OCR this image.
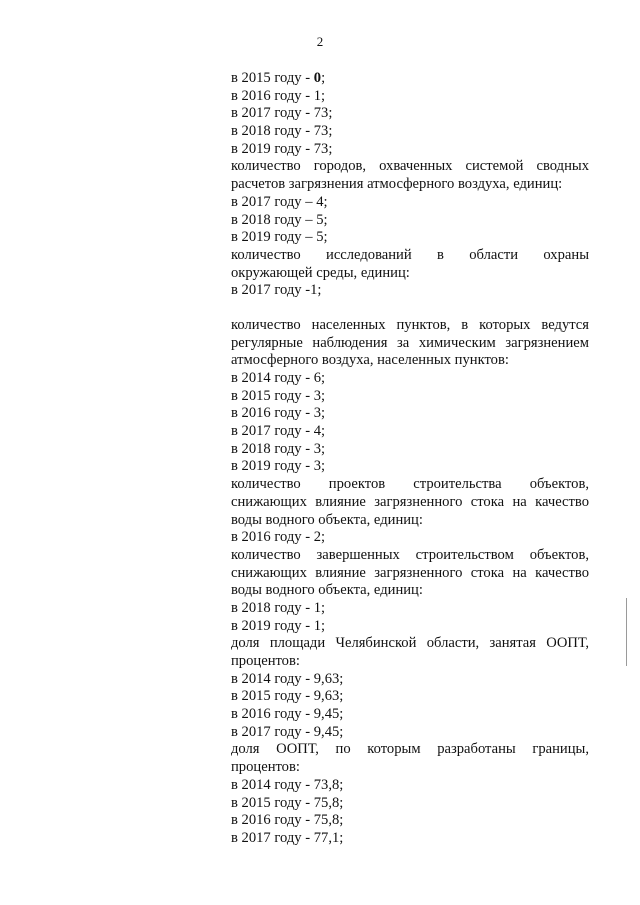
2
в 2015 году - 0;
в 2016 году - 1;
в 2017 году - 73;
в 2018 году - 73;
в 2019 году - 73;
количество городов, охваченных системой сводных
расчетов загрязнения атмосферного воздуха, единиц:
в 2017 году – 4;
в 2018 году – 5;
в 2019 году – 5;
количество исследований в области охраны
окружающей среды, единиц:
в 2017 году -1;
количество населенных пунктов, в которых ведутся
регулярные наблюдения за химическим загрязнением
атмосферного воздуха, населенных пунктов:
в 2014 году - 6;
в 2015 году - 3;
в 2016 году - 3;
в 2017 году - 4;
в 2018 году - 3;
в 2019 году - 3;
количество проектов строительства объектов,
снижающих влияние загрязненного стока на качество
воды водного объекта, единиц:
в 2016 году - 2;
количество завершенных строительством объектов,
снижающих влияние загрязненного стока на качество
воды водного объекта, единиц:
в 2018 году - 1;
в 2019 году - 1;
доля площади Челябинской области, занятая ООПТ,
процентов:
в 2014 году - 9,63;
в 2015 году - 9,63;
в 2016 году - 9,45;
в 2017 году - 9,45;
доля ООПТ, по которым разработаны границы,
процентов:
в 2014 году - 73,8;
в 2015 году - 75,8;
в 2016 году - 75,8;
в 2017 году - 77,1;
